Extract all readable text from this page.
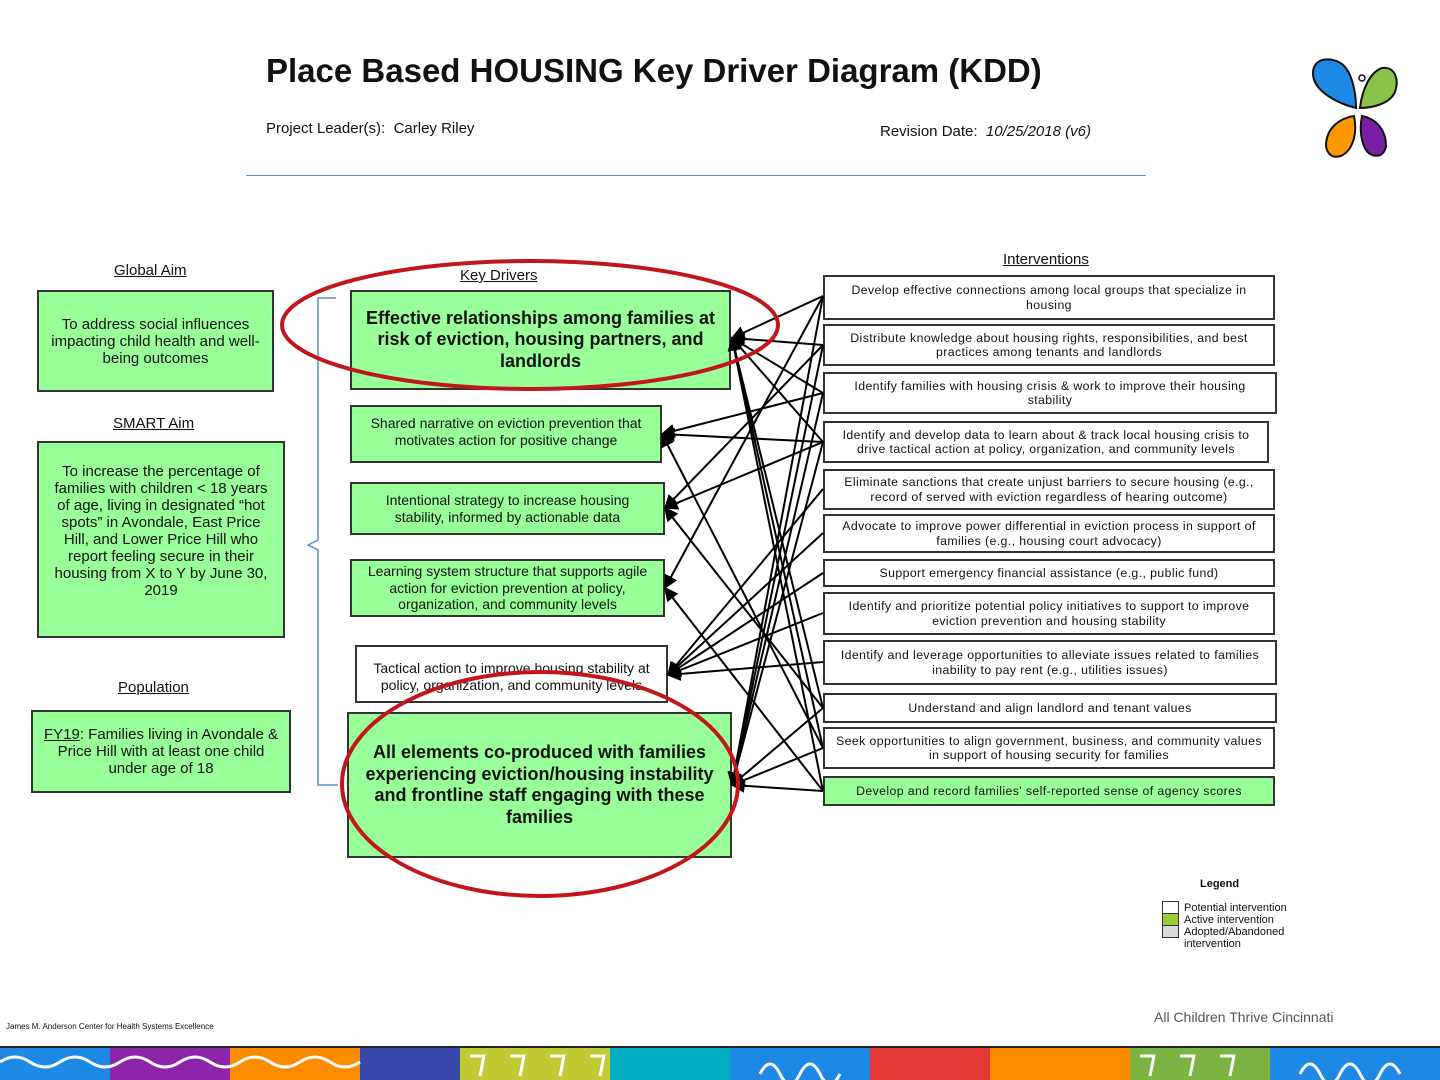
Place Based HOUSING Key Driver Diagram (KDD)
Project Leader(s): Carley Riley	Revision Date: 10/25/2018 (v6)
Global Aim
To address social influences impacting child health and well-being outcomes
SMART Aim
To increase the percentage of families with children < 18 years of age, living in designated “hot spots” in Avondale, East Price Hill, and Lower Price Hill who report feeling secure in their housing from X to Y by June 30, 2019
Population
FY19: Families living in Avondale & Price Hill with at least one child under age of 18
Key Drivers
Effective relationships among families at risk of eviction, housing partners, and landlords
Shared narrative on eviction prevention that motivates action for positive change
Intentional strategy to increase housing stability, informed by actionable data
Learning system structure that supports agile action for eviction prevention at policy, organization, and community levels
Tactical action to improve housing stability at policy, organization, and community levels
All elements co-produced with families experiencing eviction/housing instability and frontline staff engaging with these families
Interventions
Develop effective connections among local groups that specialize in housing
Distribute knowledge about housing rights, responsibilities, and best practices among tenants and landlords
Identify families with housing crisis & work to improve their housing stability
Identify and develop data to learn about & track local housing crisis to drive tactical action at policy, organization, and community levels
Eliminate sanctions that create unjust barriers to secure housing (e.g., record of served with eviction regardless of hearing outcome)
Advocate to improve power differential in eviction process in support of families (e.g., housing court advocacy)
Support emergency financial assistance (e.g., public fund)
Identify and prioritize potential policy initiatives to support to improve eviction prevention and housing stability
Identify and leverage opportunities to alleviate issues related to families inability to pay rent (e.g., utilities issues)
Understand and align landlord and tenant values
Seek opportunities to align government, business, and community values in support of housing security for families
Develop and record families' self-reported sense of agency scores
Legend
Potential intervention
Active intervention
Adopted/Abandoned intervention
James M. Anderson Center for Health Systems Excellence
All Children Thrive Cincinnati
